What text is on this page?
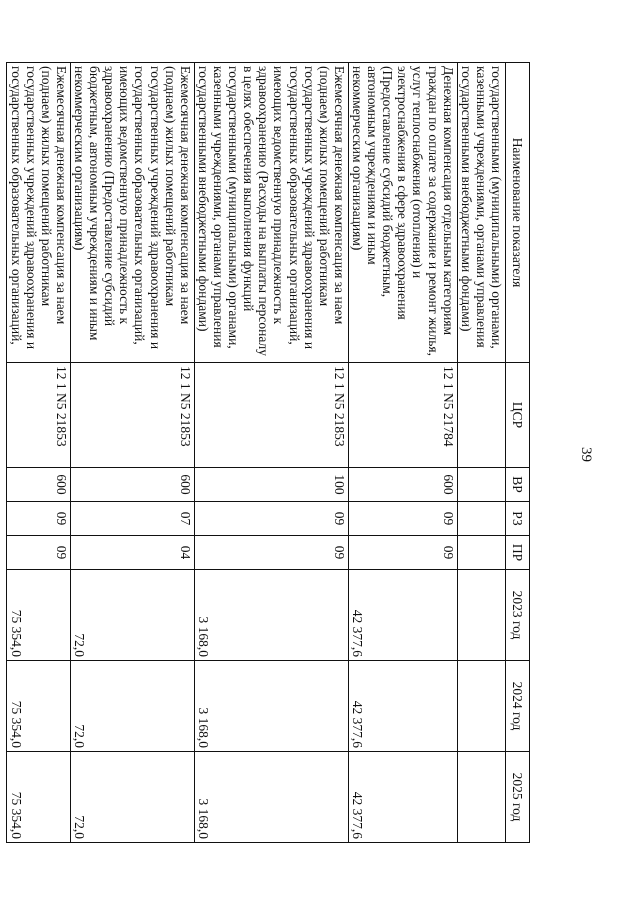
39
Наименование показателя	ЦСР	ВР	РЗ	ПР	2023 год	2024 год	2025 год
государственными (муниципальными) органами, казенными учреждениями, органами управления государственными внебюджетными фондами)							
Денежная компенсация отдельным категориям граждан по оплате за содержание и ремонт жилья, услуг теплоснабжения (отопления) и электроснабжения в сфере здравоохранения (Предоставление субсидий бюджетным, автономным учреждениям и иным некоммерческим организациям)	12 1 N5 21784	600	09	09	42 377,6	42 377,6	42 377,6
Ежемесячная денежная компенсация за наем (поднаем) жилых помещений работникам государственных учреждений здравоохранения и государственных образовательных организаций, имеющих ведомственную принадлежность к здравоохранению (Расходы на выплаты персоналу в целях обеспечения выполнения функций государственными (муниципальными) органами, казенными учреждениями, органами управления государственными внебюджетными фондами)	12 1 N5 21853	100	09	09	3 168,0	3 168,0	3 168,0
Ежемесячная денежная компенсация за наем (поднаем) жилых помещений работникам государственных учреждений здравоохранения и государственных образовательных организаций, имеющих ведомственную принадлежность к здравоохранению (Предоставление субсидий бюджетным, автономным учреждениям и иным некоммерческим организациям)	12 1 N5 21853	600	07	04	72,0	72,0	72,0
Ежемесячная денежная компенсация за наем (поднаем) жилых помещений работникам государственных учреждений здравоохранения и государственных образовательных организаций,	12 1 N5 21853	600	09	09	75 354,0	75 354,0	75 354,0
